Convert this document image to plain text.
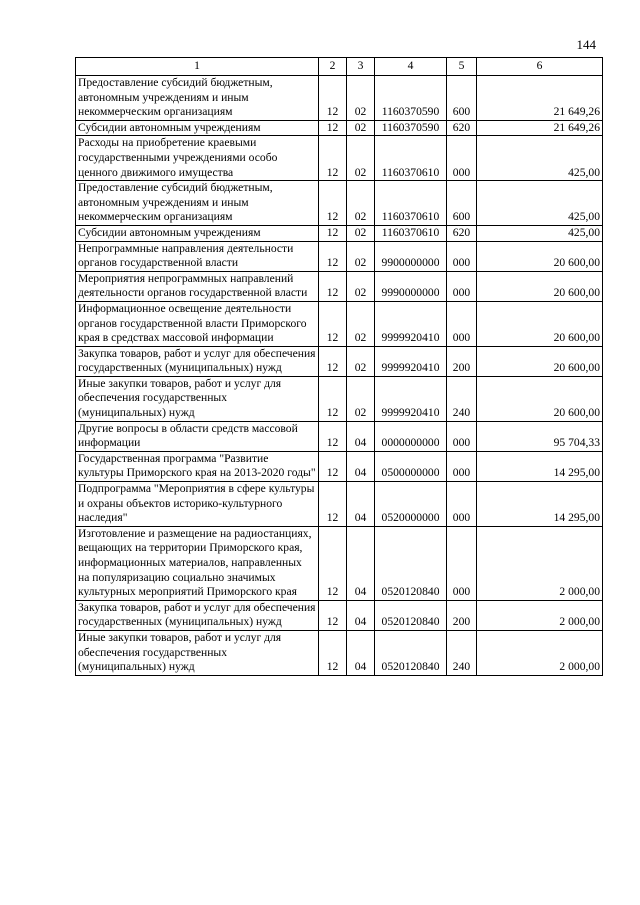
144
1	2	3	4	5	6
Предоставление субсидий бюджетным, автономным учреждениям и иным некоммерческим организациям	12	02	1160370590	600	21 649,26
Субсидии автономным учреждениям	12	02	1160370590	620	21 649,26
Расходы на приобретение краевыми государственными учреждениями особо ценного движимого имущества	12	02	1160370610	000	425,00
Предоставление субсидий бюджетным, автономным учреждениям и иным некоммерческим организациям	12	02	1160370610	600	425,00
Субсидии автономным учреждениям	12	02	1160370610	620	425,00
Непрограммные направления деятельности органов государственной власти	12	02	9900000000	000	20 600,00
Мероприятия непрограммных направлений деятельности органов государственной власти	12	02	9990000000	000	20 600,00
Информационное освещение деятельности органов государственной власти Приморского края в средствах массовой информации	12	02	9999920410	000	20 600,00
Закупка товаров, работ и услуг для обеспечения государственных (муниципальных) нужд	12	02	9999920410	200	20 600,00
Иные закупки товаров, работ и услуг для обеспечения государственных (муниципальных) нужд	12	02	9999920410	240	20 600,00
Другие вопросы в области средств массовой информации	12	04	0000000000	000	95 704,33
Государственная программа "Развитие культуры Приморского края на 2013-2020 годы"	12	04	0500000000	000	14 295,00
Подпрограмма "Мероприятия в сфере культуры и охраны объектов историко-культурного наследия"	12	04	0520000000	000	14 295,00
Изготовление и размещение на радиостанциях, вещающих на территории Приморского края, информационных материалов, направленных на популяризацию социально значимых культурных мероприятий Приморского края	12	04	0520120840	000	2 000,00
Закупка товаров, работ и услуг для обеспечения государственных (муниципальных) нужд	12	04	0520120840	200	2 000,00
Иные закупки товаров, работ и услуг для обеспечения государственных (муниципальных) нужд	12	04	0520120840	240	2 000,00
